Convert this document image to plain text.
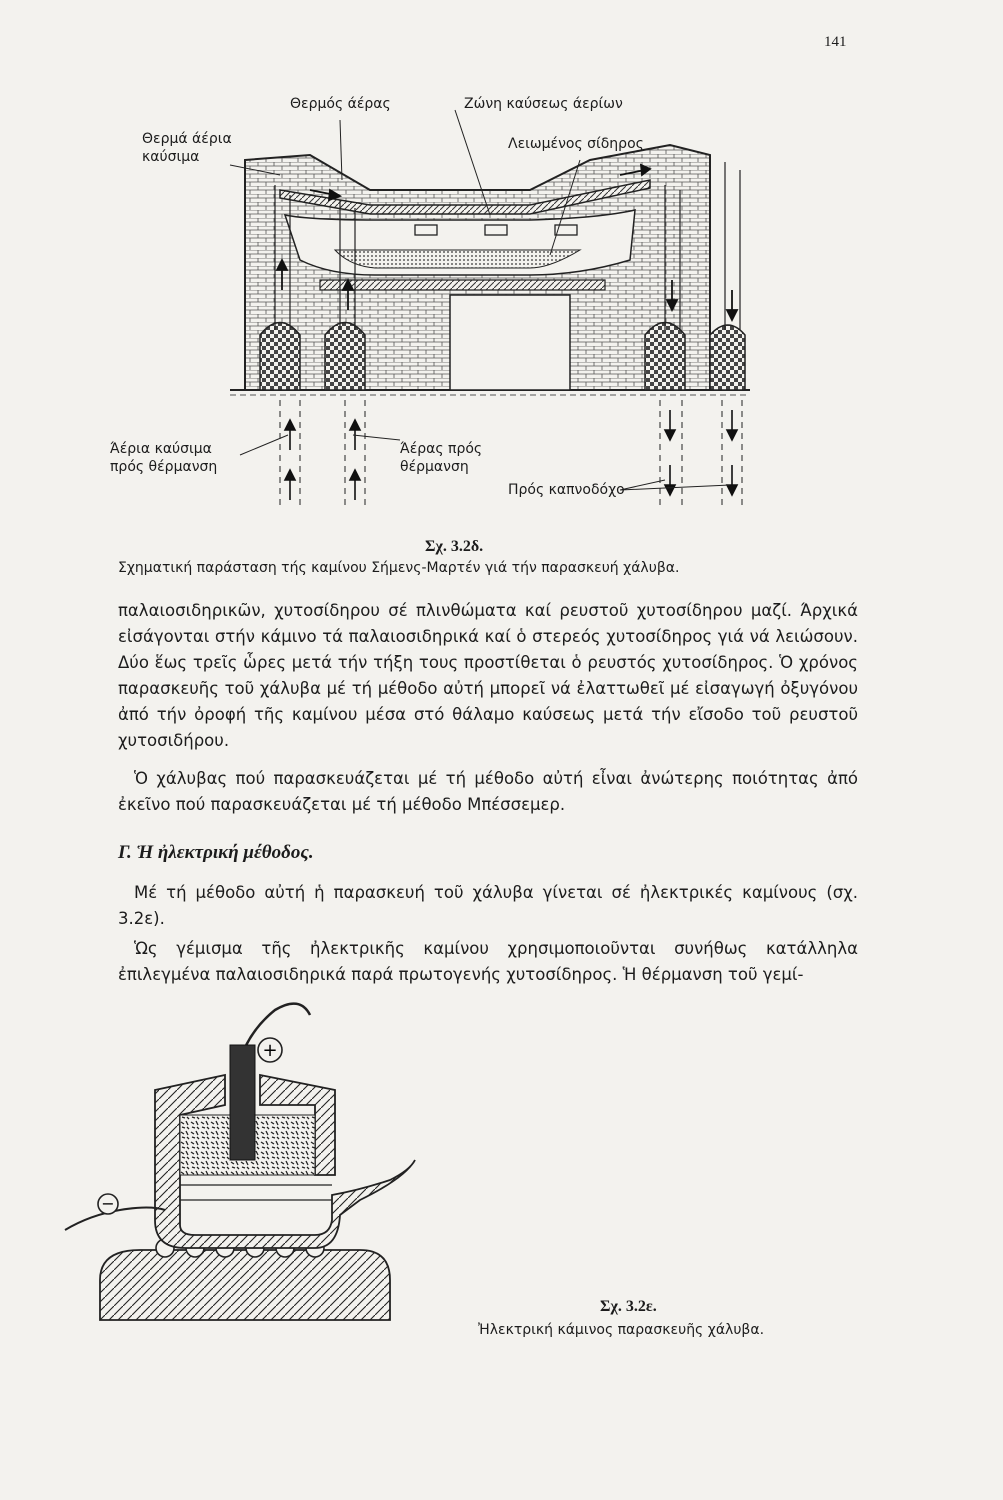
141
Θερμός άέρας	Ζώνη καύσεως άερίων
Θερμά άέρια καύσιμα
Λειωμένος σίδηρος
Άέρια καύσιμα πρός θέρμανση
Άέρας πρός θέρμανση
Πρός καπνοδόχο
Σχ. 3.2δ.
Σχηματική παράσταση τής καμίνου Σήμενς-Μαρτέν γιά τήν παρασκευή χάλυβα.

παλαιοσιδηρικῶν, χυτοσίδηρου σέ πλινθώματα καί ρευστοῦ χυτοσίδηρου μαζί. Άρχικά εἰσάγονται στήν κάμινο τά παλαιοσιδηρικά καί ὁ στερεός χυτοσίδηρος γιά νά λειώσουν. Δύο ἕως τρεῖς ὧρες μετά τήν τήξη τους προστίθεται ὁ ρευστός χυτοσίδηρος. Ὁ χρόνος παρασκευῆς τοῦ χάλυβα μέ τή μέθοδο αὐτή μπορεῖ νά ἐλαττωθεῖ μέ εἰσαγωγή ὀξυγόνου ἀπό τήν ὀροφή τῆς καμίνου μέσα στό θάλαμο καύσεως μετά τήν εἴσοδο τοῦ ρευστοῦ χυτοσιδήρου.

Ὁ χάλυβας πού παρασκευάζεται μέ τή μέθοδο αὐτή εἶναι ἀνώτερης ποιότητας ἀπό ἐκεῖνο πού παρασκευάζεται μέ τή μέθοδο Μπέσσεμερ.

Γ. Ἡ ἠλεκτρική μέθοδος.

Μέ τή μέθοδο αὐτή ἡ παρασκευή τοῦ χάλυβα γίνεται σέ ἠλεκτρικές καμίνους (σχ. 3.2ε).

Ὡς γέμισμα τῆς ἠλεκτρικῆς καμίνου χρησιμοποιοῦνται συνήθως κατάλληλα ἐπιλεγμένα παλαιοσιδηρικά παρά πρωτογενής χυτοσίδηρος. Ἡ θέρμανση τοῦ γεμί-

+
−
Σχ. 3.2ε.
Ἠλεκτρική κάμινος παρασκευῆς χάλυβα.
